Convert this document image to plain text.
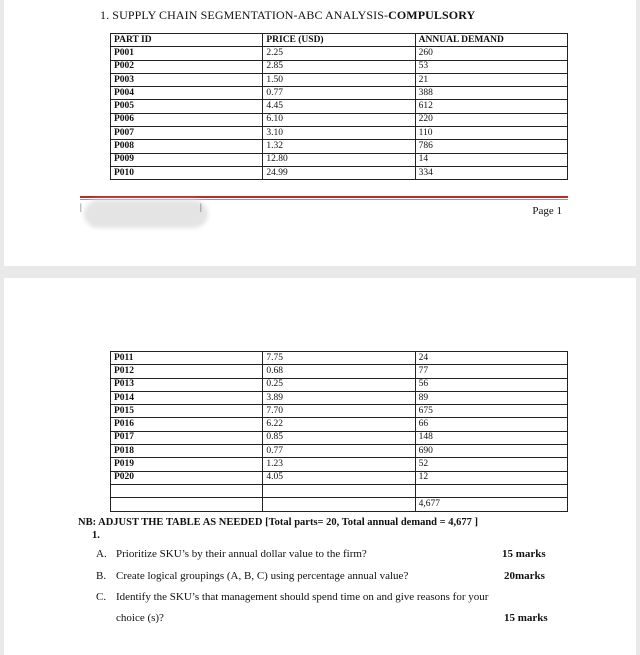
1. SUPPLY CHAIN SEGMENTATION-ABC ANALYSIS-COMPULSORY
PART ID	PRICE (USD)	ANNUAL DEMAND
P001	2.25	260
P002	2.85	53
P003	1.50	21
P004	0.77	388
P005	4.45	612
P006	6.10	220
P007	3.10	110
P008	1.32	786
P009	12.80	14
P010	24.99	334
|	|	Page 1
P011	7.75	24
P012	0.68	77
P013	0.25	56
P014	3.89	89
P015	7.70	675
P016	6.22	66
P017	0.85	148
P018	0.77	690
P019	1.23	52
P020	4.05	12

		4,677
NB: ADJUST THE TABLE AS NEEDED [Total parts= 20, Total annual demand = 4,677 ]
1.
A. Prioritize SKU’s by their annual dollar value to the firm?	15 marks
B. Create logical groupings (A, B, C) using percentage annual value?	20marks
C. Identify the SKU’s that management should spend time on and give reasons for your
choice (s)?	15 marks
